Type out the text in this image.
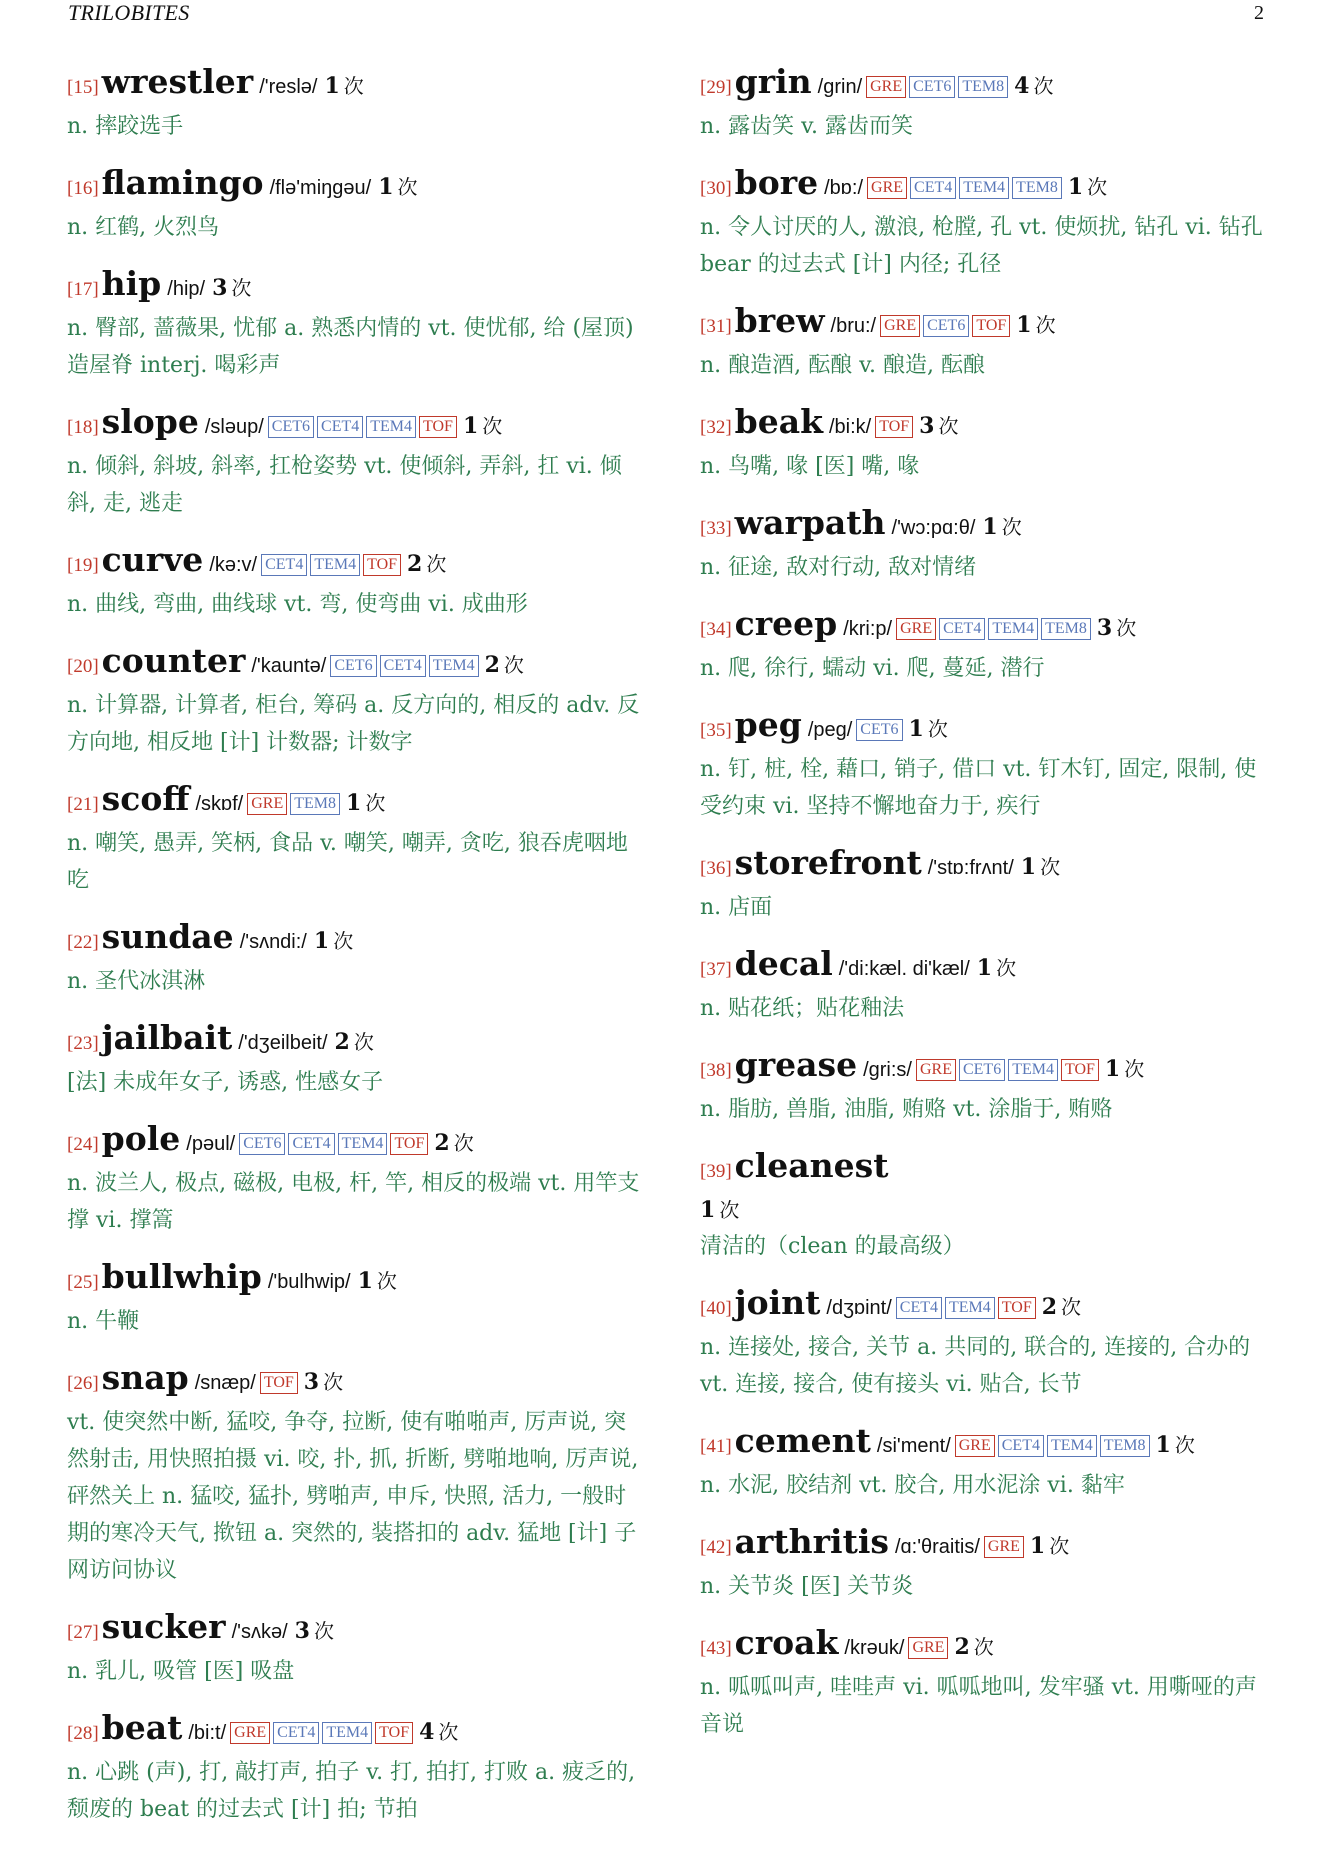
TRILOBITES	2
[15] wrestler /'reslə/ 1 次
n. 摔跤选手
[16] flamingo /flə'miŋgəu/ 1 次
n. 红鹤, 火烈鸟
[17] hip /hip/ 3 次
n. 臀部, 蔷薇果, 忧郁 a. 熟悉内情的 vt. 使忧郁, 给 (屋顶) 造屋脊 interj. 喝彩声
[18] slope /sləup/ CET6 CET4 TEM4 TOF 1 次
n. 倾斜, 斜坡, 斜率, 扛枪姿势 vt. 使倾斜, 弄斜, 扛 vi. 倾斜, 走, 逃走
[19] curve /kə:v/ CET4 TEM4 TOF 2 次
n. 曲线, 弯曲, 曲线球 vt. 弯, 使弯曲 vi. 成曲形
[20] counter /'kauntə/ CET6 CET4 TEM4 2 次
n. 计算器, 计算者, 柜台, 筹码 a. 反方向的, 相反的 adv. 反方向地, 相反地 [计] 计数器; 计数字
[21] scoff /skɒf/ GRE TEM8 1 次
n. 嘲笑, 愚弄, 笑柄, 食品 v. 嘲笑, 嘲弄, 贪吃, 狼吞虎咽地吃
[22] sundae /'sʌndi:/ 1 次
n. 圣代冰淇淋
[23] jailbait /'dʒeilbeit/ 2 次
[法] 未成年女子, 诱惑, 性感女子
[24] pole /pəul/ CET6 CET4 TEM4 TOF 2 次
n. 波兰人, 极点, 磁极, 电极, 杆, 竿, 相反的极端 vt. 用竿支撑 vi. 撑篙
[25] bullwhip /'bulhwip/ 1 次
n. 牛鞭
[26] snap /snæp/ TOF 3 次
vt. 使突然中断, 猛咬, 争夺, 拉断, 使有啪啪声, 厉声说, 突然射击, 用快照拍摄 vi. 咬, 扑, 抓, 折断, 劈啪地响, 厉声说, 砰然关上 n. 猛咬, 猛扑, 劈啪声, 申斥, 快照, 活力, 一般时期的寒冷天气, 揿钮 a. 突然的, 装搭扣的 adv. 猛地 [计] 子网访问协议
[27] sucker /'sʌkə/ 3 次
n. 乳儿, 吸管 [医] 吸盘
[28] beat /bi:t/ GRE CET4 TEM4 TOF 4 次
n. 心跳 (声), 打, 敲打声, 拍子 v. 打, 拍打, 打败 a. 疲乏的, 颓废的 beat 的过去式 [计] 拍; 节拍
[29] grin /grin/ GRE CET6 TEM8 4 次
n. 露齿笑 v. 露齿而笑
[30] bore /bɒ:/ GRE CET4 TEM4 TEM8 1 次
n. 令人讨厌的人, 激浪, 枪膛, 孔 vt. 使烦扰, 钻孔 vi. 钻孔 bear 的过去式 [计] 内径; 孔径
[31] brew /bru:/ GRE CET6 TOF 1 次
n. 酿造酒, 酝酿 v. 酿造, 酝酿
[32] beak /bi:k/ TOF 3 次
n. 鸟嘴, 喙 [医] 嘴, 喙
[33] warpath /'wɔ:pɑ:θ/ 1 次
n. 征途, 敌对行动, 敌对情绪
[34] creep /kri:p/ GRE CET4 TEM4 TEM8 3 次
n. 爬, 徐行, 蠕动 vi. 爬, 蔓延, 潜行
[35] peg /peg/ CET6 1 次
n. 钉, 桩, 栓, 藉口, 销子, 借口 vt. 钉木钉, 固定, 限制, 使受约束 vi. 坚持不懈地奋力于, 疾行
[36] storefront /'stɒ:frʌnt/ 1 次
n. 店面
[37] decal /'di:kæl. di'kæl/ 1 次
n. 贴花纸；贴花釉法
[38] grease /gri:s/ GRE CET6 TEM4 TOF 1 次
n. 脂肪, 兽脂, 油脂, 贿赂 vt. 涂脂于, 贿赂
[39] cleanest
1 次
清洁的（clean 的最高级）
[40] joint /dʒɒint/ CET4 TEM4 TOF 2 次
n. 连接处, 接合, 关节 a. 共同的, 联合的, 连接的, 合办的 vt. 连接, 接合, 使有接头 vi. 贴合, 长节
[41] cement /si'ment/ GRE CET4 TEM4 TEM8 1 次
n. 水泥, 胶结剂 vt. 胶合, 用水泥涂 vi. 黏牢
[42] arthritis /ɑ:'θraitis/ GRE 1 次
n. 关节炎 [医] 关节炎
[43] croak /krəuk/ GRE 2 次
n. 呱呱叫声, 哇哇声 vi. 呱呱地叫, 发牢骚 vt. 用嘶哑的声音说
